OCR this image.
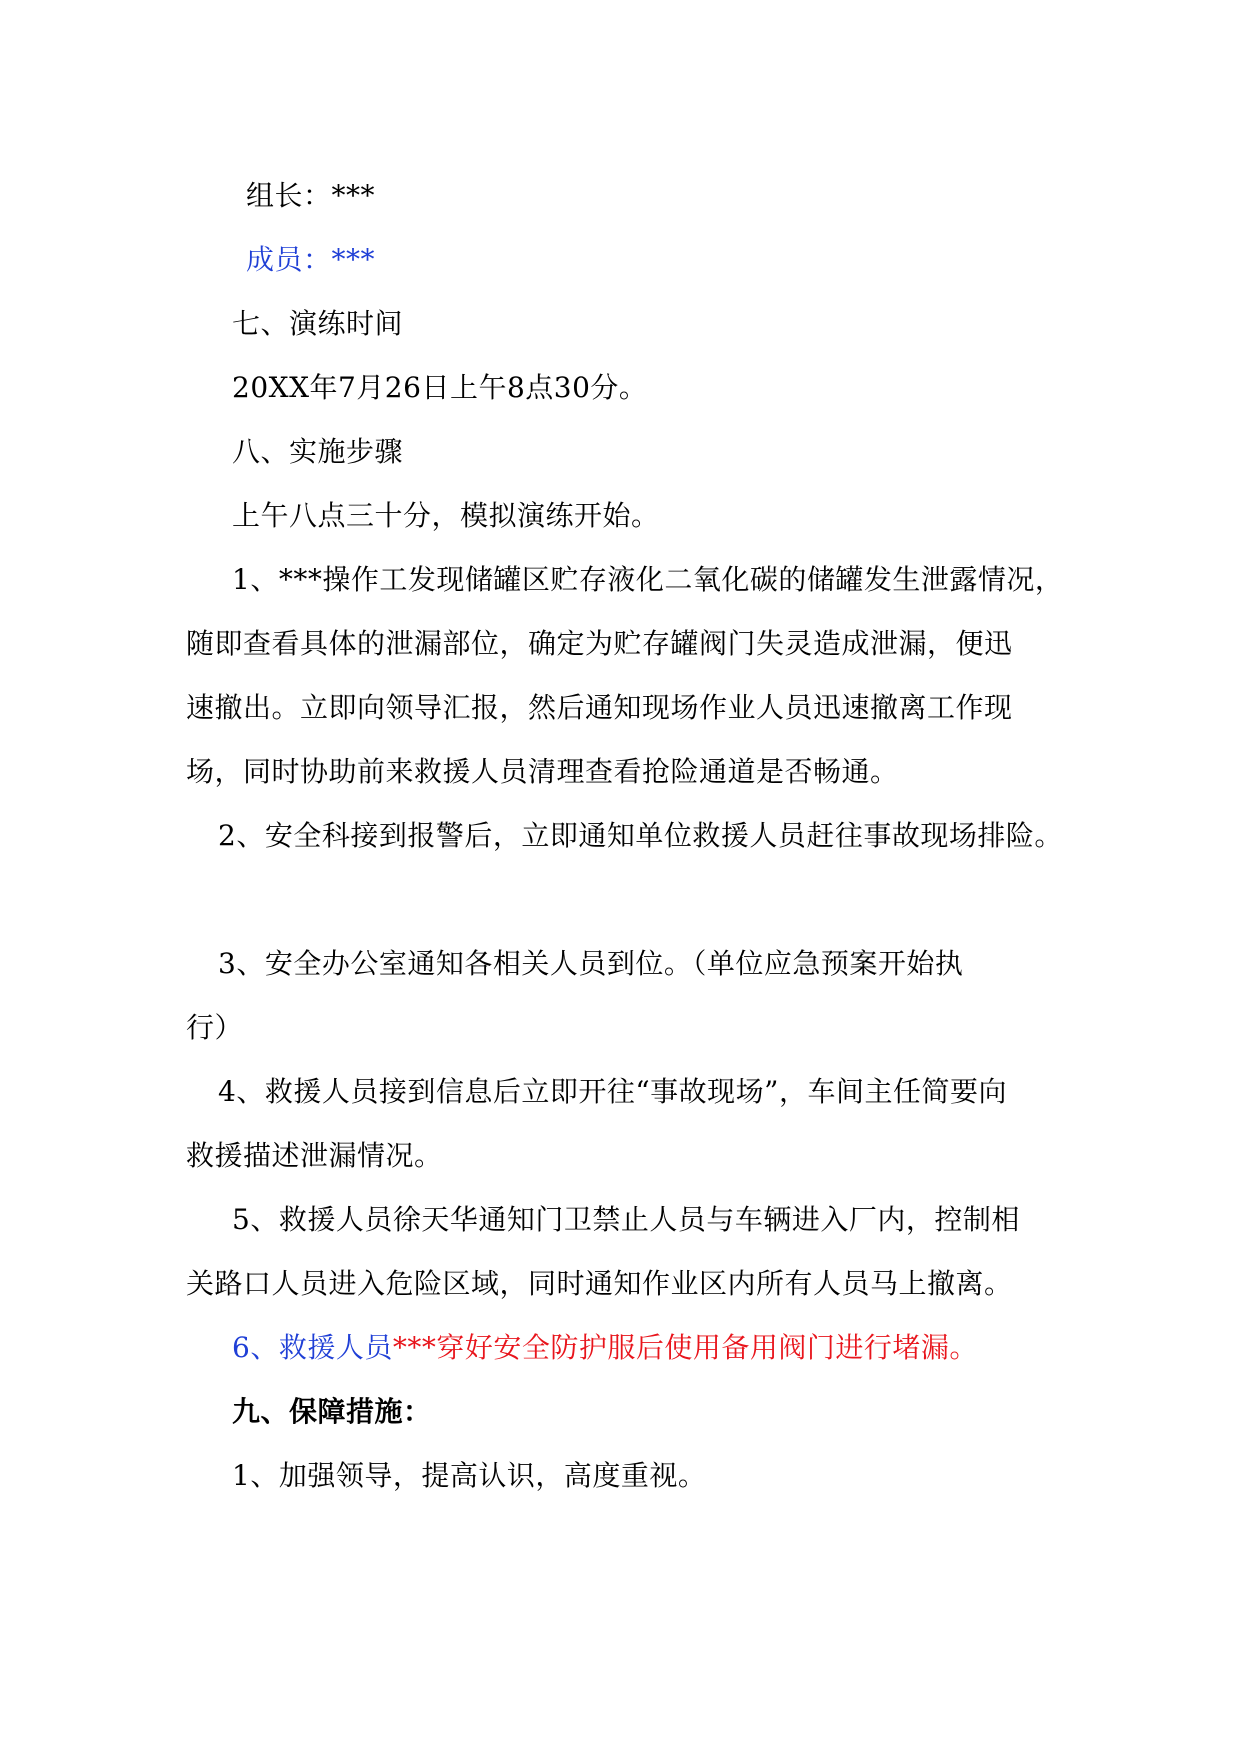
组长：***

成员：***

七、演练时间

20XX年7月26日上午8点30分。

八、实施步骤

上午八点三十分，模拟演练开始。

1、***操作工发现储罐区贮存液化二氧化碳的储罐发生泄露情况，

随即查看具体的泄漏部位，确定为贮存罐阀门失灵造成泄漏，便迅

速撤出。立即向领导汇报，然后通知现场作业人员迅速撤离工作现

场，同时协助前来救援人员清理查看抢险通道是否畅通。

2、安全科接到报警后，立即通知单位救援人员赶往事故现场排险。

3、安全办公室通知各相关人员到位。（单位应急预案开始执

行）

4、救援人员接到信息后立即开往“事故现场”，车间主任简要向

救援描述泄漏情况。

5、救援人员徐天华通知门卫禁止人员与车辆进入厂内，控制相

关路口人员进入危险区域，同时通知作业区内所有人员马上撤离。

6、救援人员***穿好安全防护服后使用备用阀门进行堵漏。

九、保障措施：

1、加强领导，提高认识，高度重视。
